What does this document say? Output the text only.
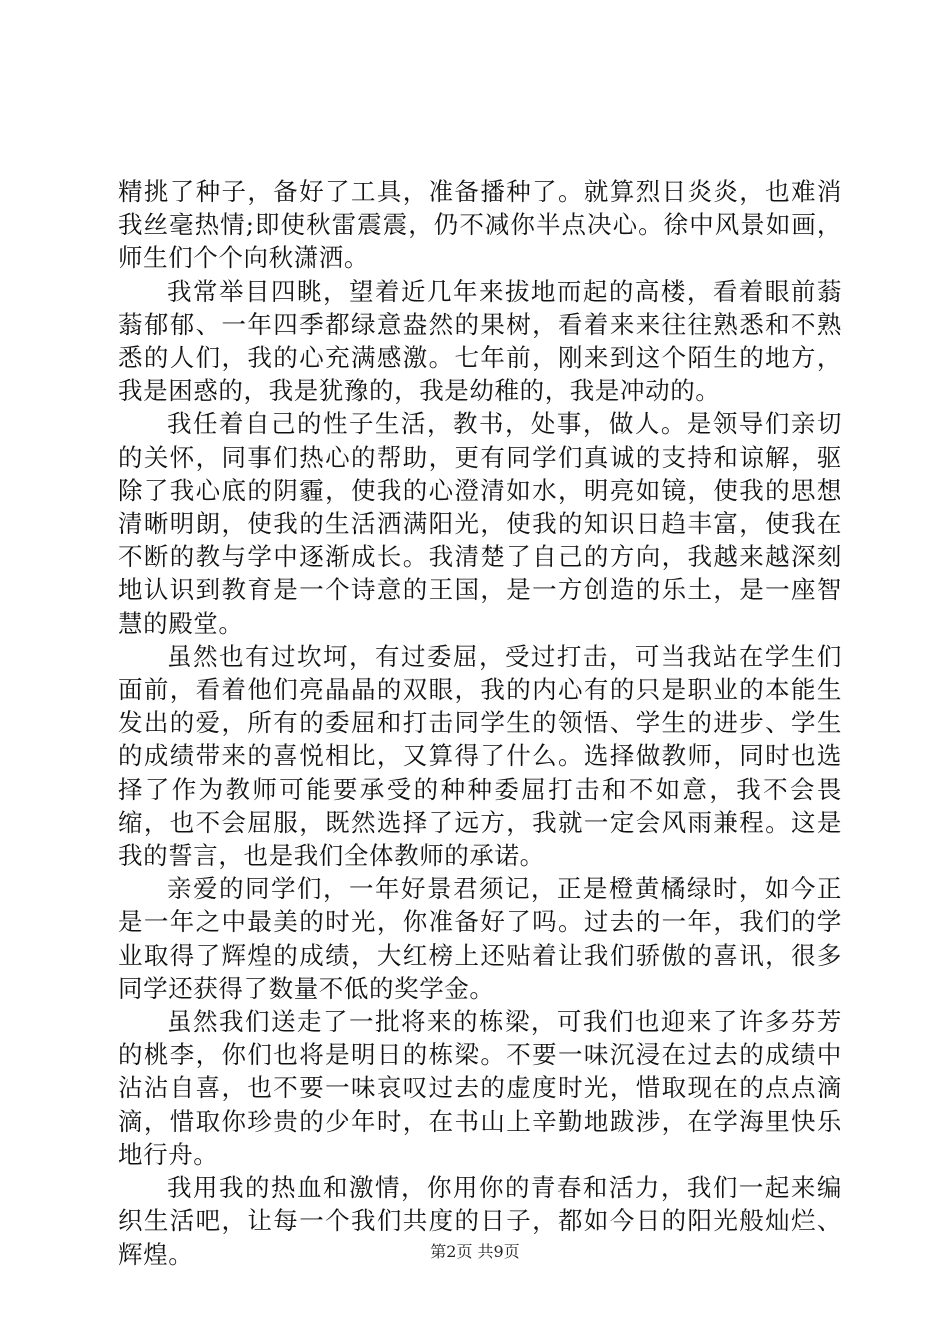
精挑了种子，备好了工具，准备播种了。就算烈日炎炎，也难消我丝毫热情;即使秋雷震震，仍不减你半点决心。徐中风景如画，师生们个个向秋潇洒。

我常举目四眺，望着近几年来拔地而起的高楼，看着眼前蓊蓊郁郁、一年四季都绿意盎然的果树，看着来来往往熟悉和不熟悉的人们，我的心充满感激。七年前，刚来到这个陌生的地方，我是困惑的，我是犹豫的，我是幼稚的，我是冲动的。

我任着自己的性子生活，教书，处事，做人。是领导们亲切的关怀，同事们热心的帮助，更有同学们真诚的支持和谅解，驱除了我心底的阴霾，使我的心澄清如水，明亮如镜，使我的思想清晰明朗，使我的生活洒满阳光，使我的知识日趋丰富，使我在不断的教与学中逐渐成长。我清楚了自己的方向，我越来越深刻地认识到教育是一个诗意的王国，是一方创造的乐土，是一座智慧的殿堂。

虽然也有过坎坷，有过委屈，受过打击，可当我站在学生们面前，看着他们亮晶晶的双眼，我的内心有的只是职业的本能生发出的爱，所有的委屈和打击同学生的领悟、学生的进步、学生的成绩带来的喜悦相比，又算得了什么。选择做教师，同时也选择了作为教师可能要承受的种种委屈打击和不如意，我不会畏缩，也不会屈服，既然选择了远方，我就一定会风雨兼程。这是我的誓言，也是我们全体教师的承诺。

亲爱的同学们，一年好景君须记，正是橙黄橘绿时，如今正是一年之中最美的时光，你准备好了吗。过去的一年，我们的学业取得了辉煌的成绩，大红榜上还贴着让我们骄傲的喜讯，很多同学还获得了数量不低的奖学金。

虽然我们送走了一批将来的栋梁，可我们也迎来了许多芬芳的桃李，你们也将是明日的栋梁。不要一味沉浸在过去的成绩中沾沾自喜，也不要一味哀叹过去的虚度时光，惜取现在的点点滴滴，惜取你珍贵的少年时，在书山上辛勤地跋涉，在学海里快乐地行舟。

我用我的热血和激情，你用你的青春和活力，我们一起来编织生活吧，让每一个我们共度的日子，都如今日的阳光般灿烂、辉煌。	第2页 共9页
